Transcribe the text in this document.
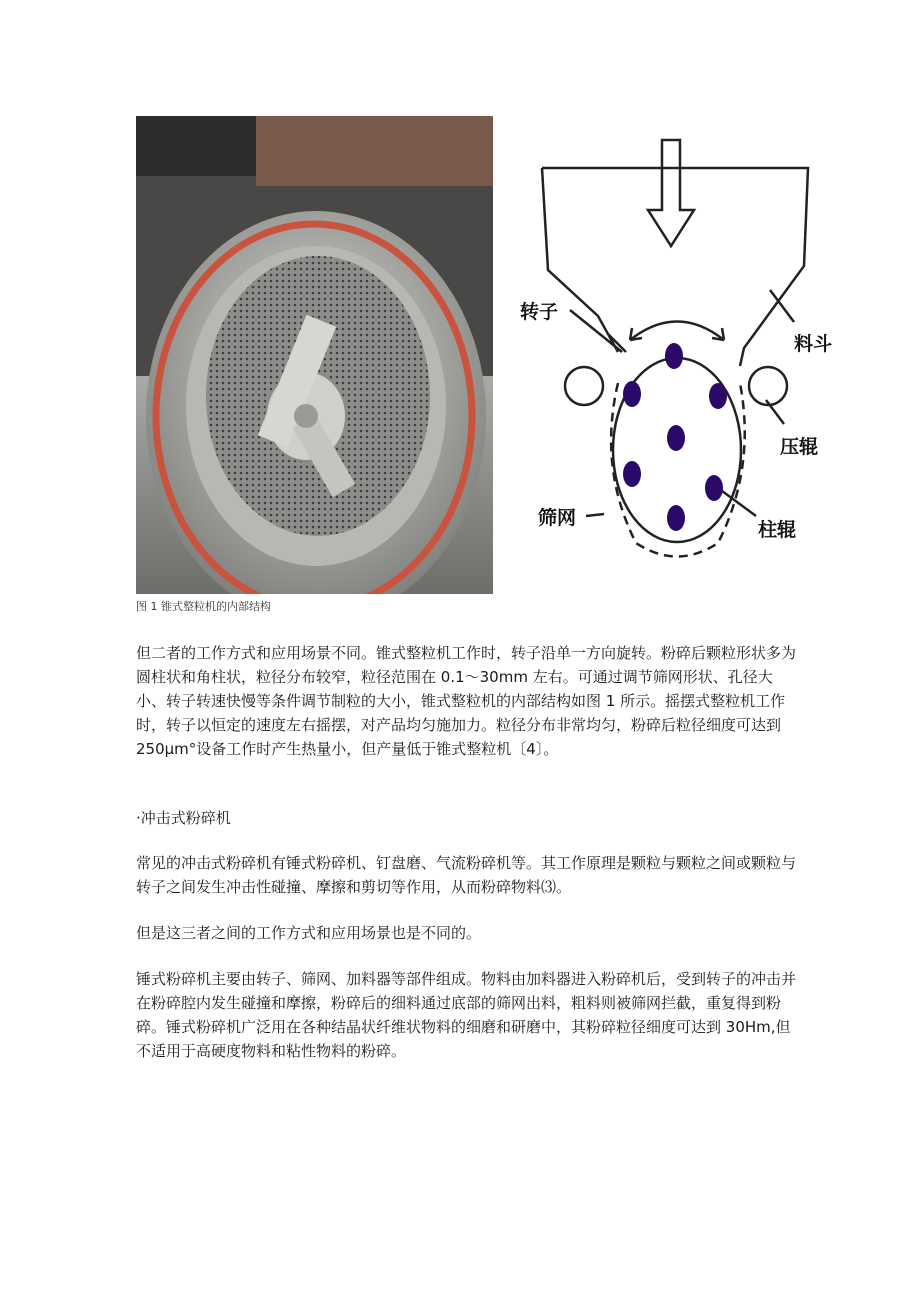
转子
料斗
压辊
筛网
柱辊
图 1 锥式整粒机的内部结构

但二者的工作方式和应用场景不同。锥式整粒机工作时，转子沿单一方向旋转。粉碎后颗粒形状多为圆柱状和角柱状，粒径分布较窄，粒径范围在 0.1～30mm 左右。可通过调节筛网形状、孔径大小、转子转速快慢等条件调节制粒的大小，锥式整粒机的内部结构如图 1 所示。摇摆式整粒机工作时，转子以恒定的速度左右摇摆，对产品均匀施加力。粒径分布非常均匀，粉碎后粒径细度可达到 250μm°设备工作时产生热量小，但产量低于锥式整粒机〔4〕。

·冲击式粉碎机

常见的冲击式粉碎机有锤式粉碎机、钉盘磨、气流粉碎机等。其工作原理是颗粒与颗粒之间或颗粒与转子之间发生冲击性碰撞、摩擦和剪切等作用，从而粉碎物料⑶。

但是这三者之间的工作方式和应用场景也是不同的。

锤式粉碎机主要由转子、筛网、加料器等部件组成。物料由加料器进入粉碎机后，受到转子的冲击并在粉碎腔内发生碰撞和摩擦，粉碎后的细料通过底部的筛网出料，粗料则被筛网拦截，重复得到粉碎。锤式粉碎机广泛用在各种结晶状纤维状物料的细磨和研磨中，其粉碎粒径细度可达到 30Hm,但不适用于高硬度物料和粘性物料的粉碎。
